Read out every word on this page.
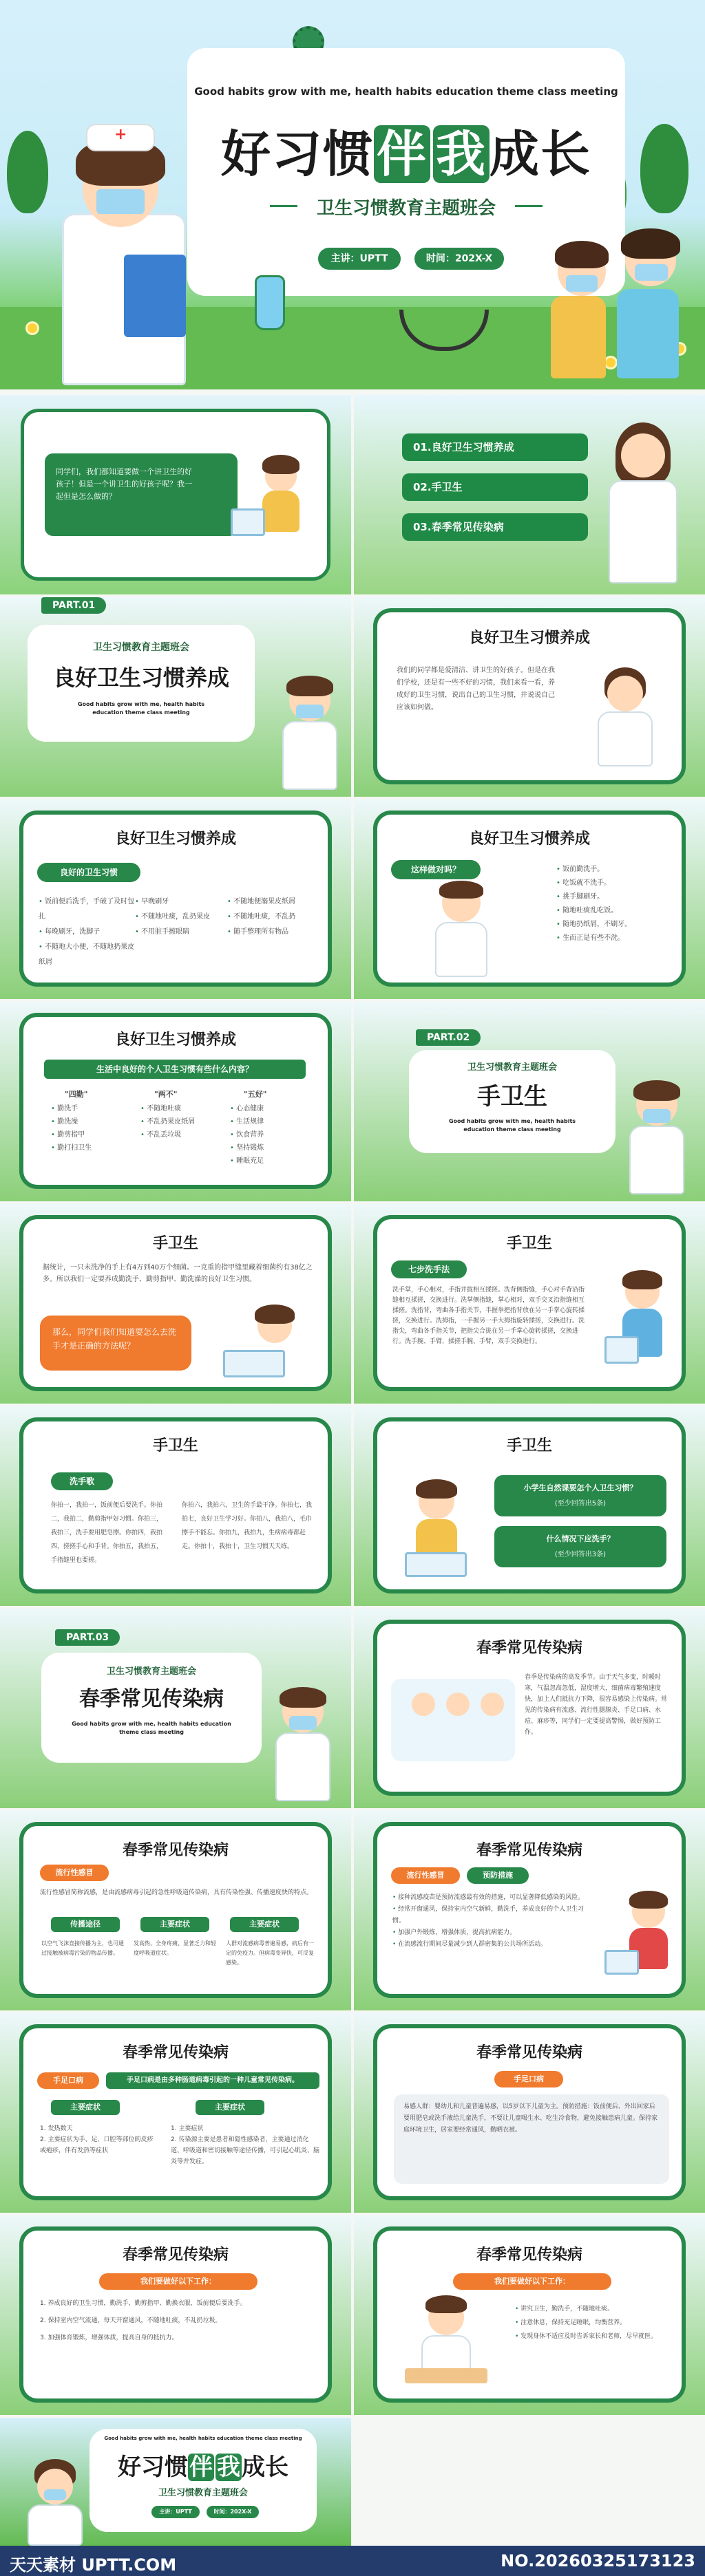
Good habits grow with me, health habits education theme class meeting
好习惯伴 我成长
卫生习惯教育主题班会
主讲：UPTT	时间：202X-X
+
同学们，我们都知道要做一个讲卫生的好孩子！但是一个讲卫生的好孩子呢？我一起但是怎么做的？
01.良好卫生习惯养成
02.手卫生
03.春季常见传染病
PART.01
卫生习惯教育主题班会
良好卫生习惯养成
Good habits grow with me, health habits education theme class meeting
良好卫生习惯养成
我们的同学都是爱清洁、讲卫生的好孩子。但是在我们学校，还是有一些不好的习惯，我们来看一看，养成好的卫生习惯，说出自己的卫生习惯，并说说自己应该如何做。
良好卫生习惯养成
良好的卫生习惯
• 饭前便后洗手，手破了及时包扎
• 每晚刷牙，洗脚子
• 不随地大小便，不随地扔果皮纸屑
• 早晚刷牙
• 不随地吐痰，乱扔果皮
• 不用脏手擦眼睛
• 不随地便溺果皮纸屑
• 不随地吐痰，不乱扔
• 随手整理所有物品
良好卫生习惯养成
这样做对吗？
•	饭前勤洗手。
• 吃饭就不洗手。
• 挑手脚刷牙。
• 随地吐痰乱吃饭。
• 随地扔纸屑，不刷牙。
• 生而正是有些不洗。
良好卫生习惯养成
生活中良好的个人卫生习惯有些什么内容？
"四勤"	"两不"	"五好"
• 勤洗手
• 勤洗澡
• 勤剪指甲
• 勤打扫卫生
• 不随地吐痰
• 不乱扔果皮纸屑
• 不乱丢垃圾
• 心态健康
• 生活规律
• 饮食营养
• 坚持锻炼
• 睡眠充足
PART.02
卫生习惯教育主题班会
手卫生
Good habits grow with me, health habits education theme class meeting
手卫生
据统计，一只未洗净的手上有4万到40万个细菌。一克重的指甲缝里藏着细菌约有38亿之多。所以我们一定要养成勤洗手、勤剪指甲、勤洗澡的良好卫生习惯。
那么，同学们我们知道要怎么去洗手才是正确的方法呢？
手卫生
七步洗手法
洗手掌，手心相对，手指并拢相互揉搓。洗背侧指缝，手心对手背沿指缝相互揉搓，交换进行。洗掌侧指缝，掌心相对，双手交叉沿指缝相互揉搓。洗指背，弯曲各手指关节，半握拳把指背放在另一手掌心旋转揉搓，交换进行。洗拇指，一手握另一手大拇指旋转揉搓，交换进行。洗指尖，弯曲各手指关节，把指尖合拢在另一手掌心旋转揉搓，交换进行。洗手腕、手臂，揉搓手腕、手臂，双手交换进行。
手卫生
洗手歌
你拍一，我拍一，饭前便后要洗手。你拍二，我拍二，勤剪指甲好习惯。你拍三，我拍三，洗手要用肥皂擦。你拍四，我拍四，搓搓手心和手背。你拍五，我拍五，手指缝里也要搓。
你拍六，我拍六，卫生的手最干净。你拍七，我拍七，良好卫生学习好。你拍八，我拍八，毛巾擦手不能忘。你拍九，我拍九，生病病毒都赶走。你拍十，我拍十，卫生习惯天天练。
手卫生
小学生自然课要怎个人卫生习惯？
(至少回答出5条)
什么情况下应洗手？
(至少回答出3条)
PART.03
卫生习惯教育主题班会
春季常见传染病
Good habits grow with me, health habits education theme class meeting
春季常见传染病
春季是传染病的高发季节。由于天气多变，时暖时寒，气温忽高忽低，湿度增大，细菌病毒繁殖速度快，加上人们抵抗力下降，很容易感染上传染病。常见的传染病有流感、流行性腮腺炎、手足口病、水痘、麻疹等，同学们一定要提高警惕，做好预防工作。
春季常见传染病
流行性感冒
流行性感冒简称流感，是由流感病毒引起的急性呼吸道传染病，具有传染性强、传播速度快的特点。
传播途径	主要症状	主要症状
以空气飞沫直接传播为主，也可通过接触被病毒污染的物品传播。
发高热、全身疼痛、显著乏力和轻度呼吸道症状。
人群对流感病毒普遍易感，病后有一定的免疫力。但病毒变异快，可反复感染。
春季常见传染病
流行性感冒	预防措施
• 接种流感疫苗是预防流感最有效的措施，可以显著降低感染的风险。
• 经常开窗通风，保持室内空气新鲜，勤洗手，养成良好的个人卫生习惯。
• 加强户外锻炼，增强体质，提高抗病能力。
• 在流感流行期间尽量减少到人群密集的公共场所活动。
春季常见传染病
手足口病	手足口病是由多种肠道病毒引起的一种儿童常见传染病。
主要症状	主要症状
1. 发热数天
2. 主要症状为手、足、口腔等部位的皮疹或疱疹，伴有发热等症状
1. 主要症状
2. 传染源主要是患者和隐性感染者，主要通过消化道、呼吸道和密切接触等途径传播，可引起心肌炎、脑炎等并发症。
春季常见传染病
手足口病
易感人群：婴幼儿和儿童普遍易感，以5岁以下儿童为主。预防措施：饭前便后、外出回家后要用肥皂或洗手液给儿童洗手，不要让儿童喝生水、吃生冷食物，避免接触患病儿童。保持家庭环境卫生，居室要经常通风，勤晒衣被。
春季常见传染病
我们要做好以下工作：
1. 养成良好的卫生习惯，勤洗手、勤剪指甲、勤换衣服，饭前便后要洗手。
2. 保持室内空气流通，每天开窗通风，不随地吐痰，不乱扔垃圾。
3. 加强体育锻炼，增强体质，提高自身的抵抗力。
春季常见传染病
我们要做好以下工作：
• 讲究卫生，勤洗手，不随地吐痰。
• 注意休息，保持充足睡眠，均衡营养。
• 发现身体不适应及时告诉家长和老师，尽早就医。
Good habits grow with me, health habits education theme class meeting
好习惯伴 我成长
卫生习惯教育主题班会
主讲：UPTT	时间：202X-X
天天素材 UPTT.COM	NO.20260325173123
